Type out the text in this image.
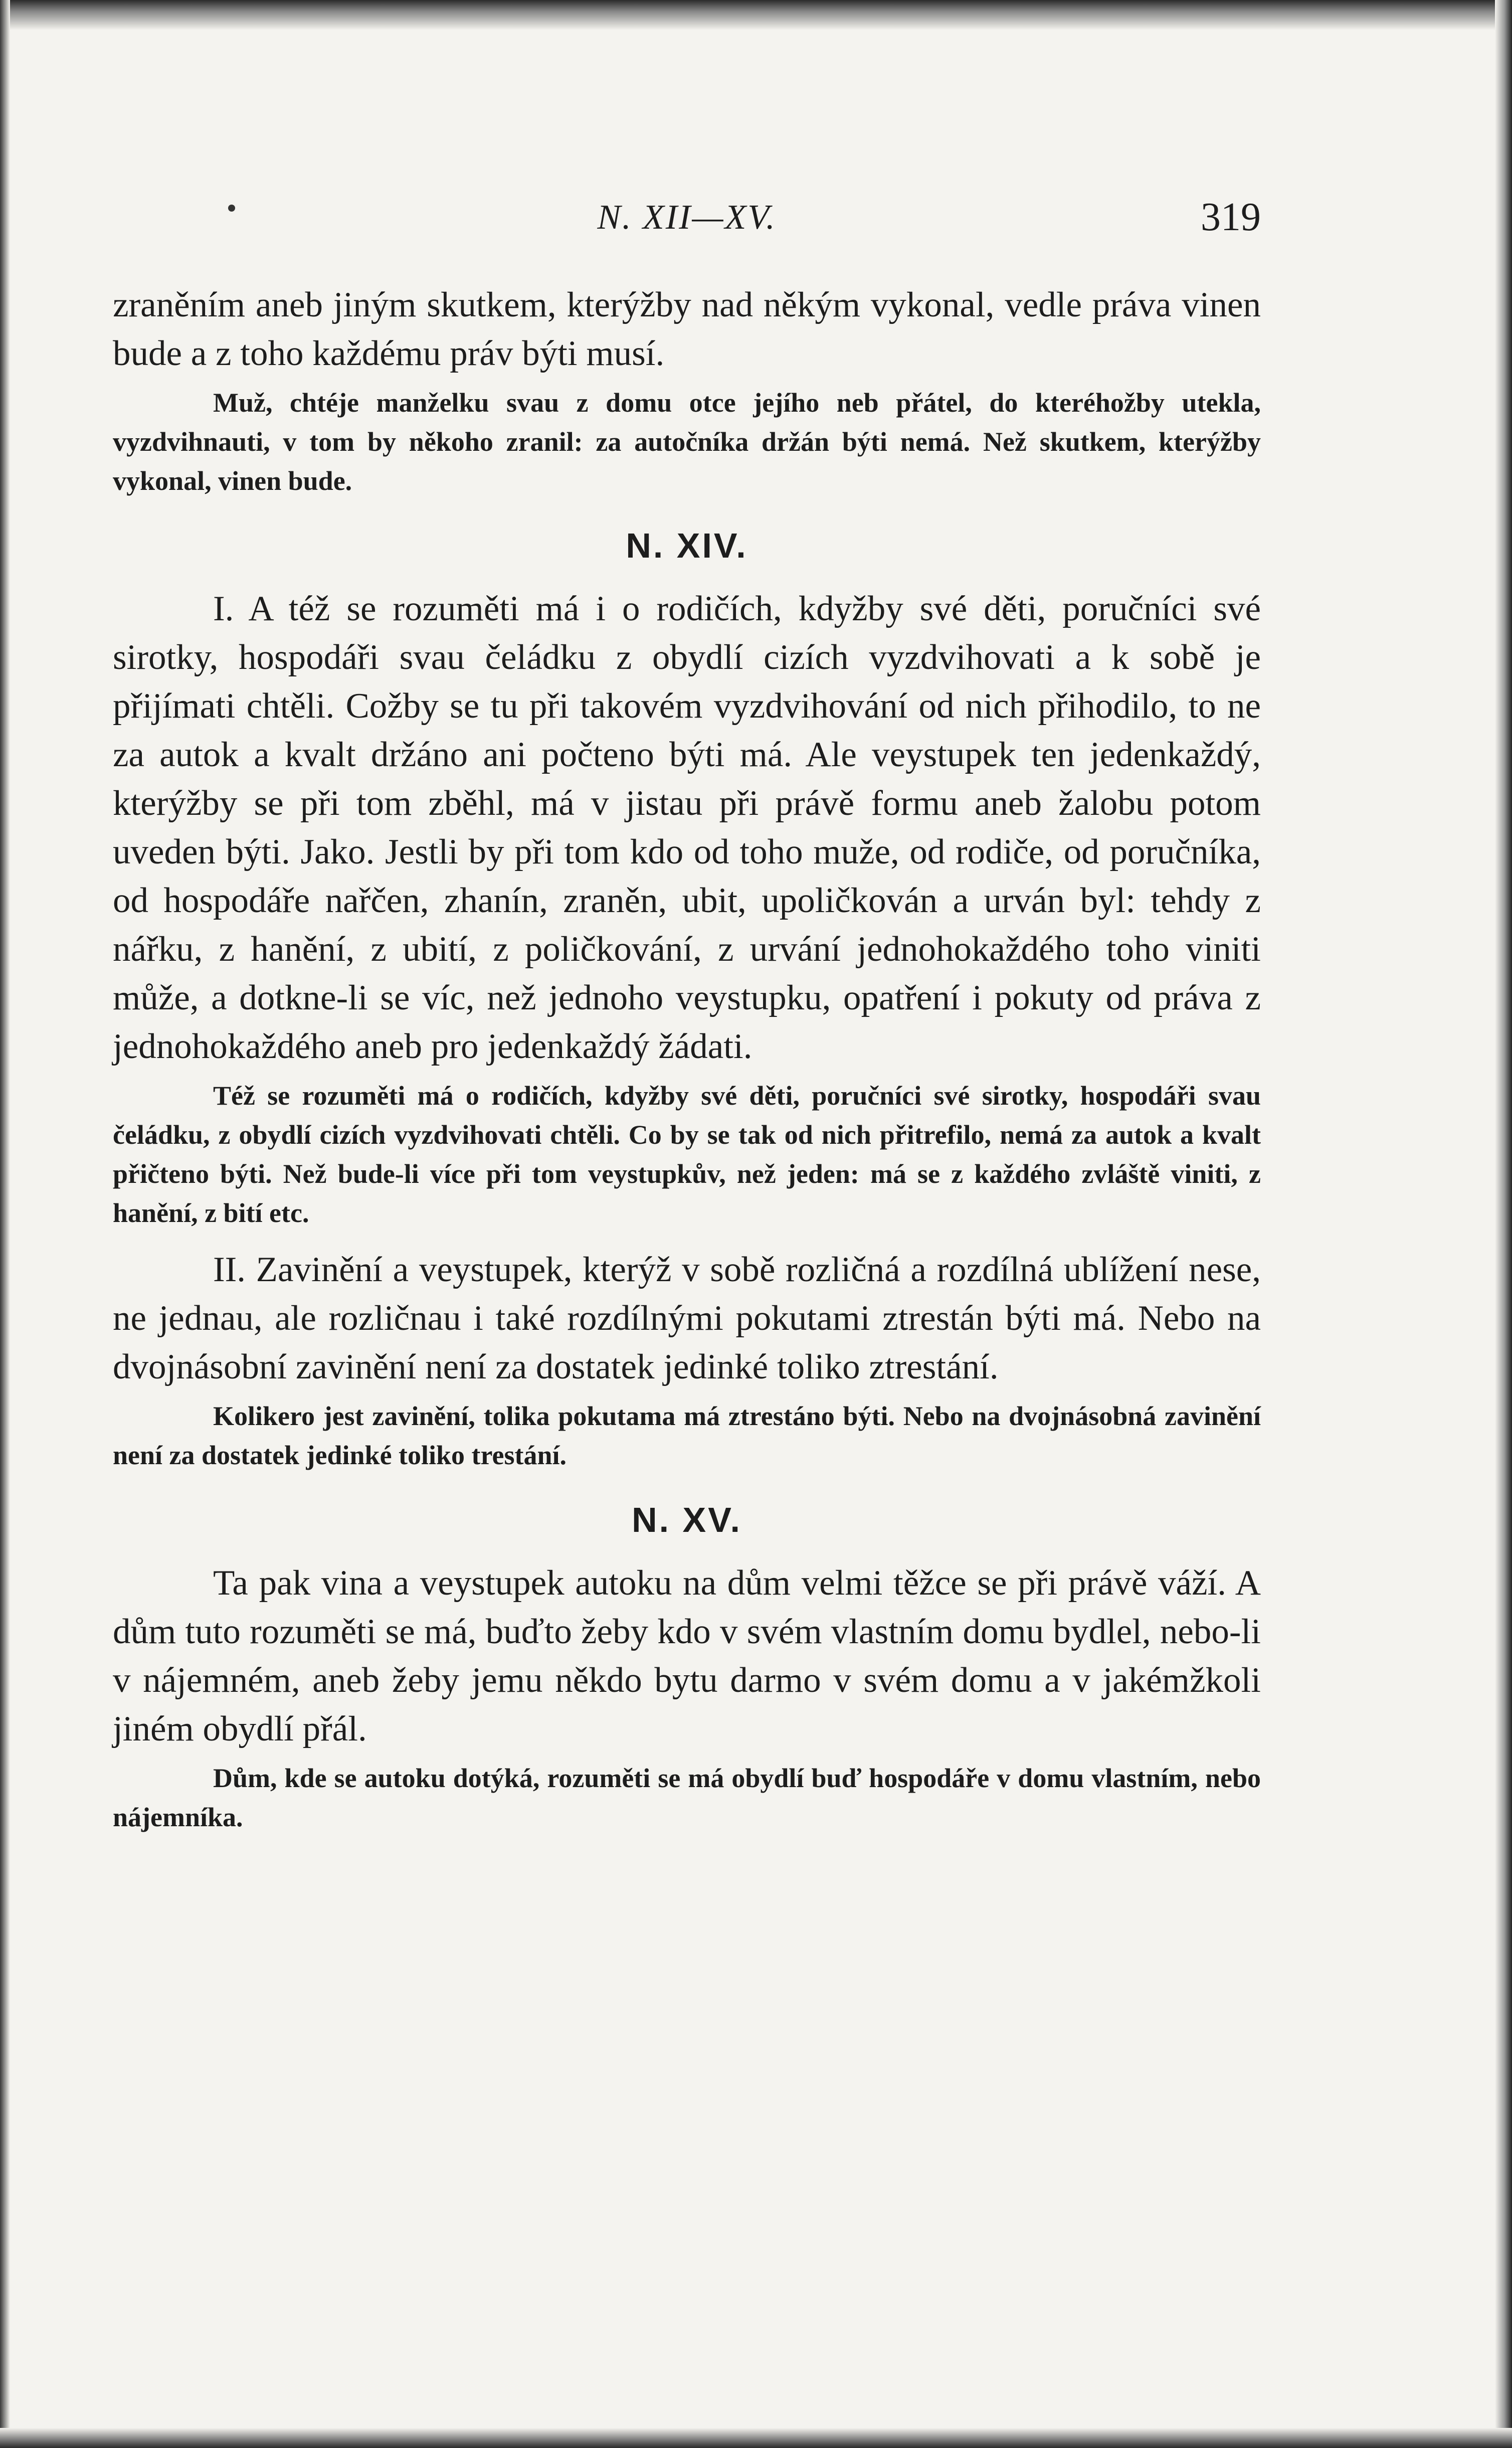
N. XII—XV.	319

zraněním aneb jiným skutkem, kterýžby nad někým vykonal, vedle práva vinen bude a z toho každému práv býti musí.

Muž, chtéje manželku svau z domu otce jejího neb přátel, do kteréhožby utekla, vyzdvihnauti, v tom by někoho zranil: za autočníka držán býti nemá. Než skutkem, kterýžby vykonal, vinen bude.

N. XIV.

I. A též se rozuměti má i o rodičích, kdyžby své děti, poručníci své sirotky, hospodáři svau čeládku z obydlí cizích vyzdvihovati a k sobě je přijímati chtěli. Cožby se tu při takovém vyzdvihování od nich přihodilo, to ne za autok a kvalt držáno ani počteno býti má. Ale veystupek ten jedenkaždý, kterýžby se při tom zběhl, má v jistau při právě formu aneb žalobu potom uveden býti. Jako. Jestli by při tom kdo od toho muže, od rodiče, od poručníka, od hospodáře nařčen, zhanín, zraněn, ubit, upoličkován a urván byl: tehdy z nářku, z hanění, z ubití, z poličkování, z urvání jednohokaždého toho viniti může, a dotkne-li se víc, než jednoho veystupku, opatření i pokuty od práva z jednohokaždého aneb pro jedenkaždý žádati.

Též se rozuměti má o rodičích, kdyžby své děti, poručníci své sirotky, hospodáři svau čeládku, z obydlí cizích vyzdvihovati chtěli. Co by se tak od nich přitrefilo, nemá za autok a kvalt přičteno býti. Než bude-li více při tom veystupkův, než jeden: má se z každého zvláště viniti, z hanění, z bití etc.

II. Zavinění a veystupek, kterýž v sobě rozličná a rozdílná ublížení nese, ne jednau, ale rozličnau i také rozdílnými pokutami ztrestán býti má. Nebo na dvojnásobní zavinění není za dostatek jedinké toliko ztrestání.

Kolikero jest zavinění, tolika pokutama má ztrestáno býti. Nebo na dvojnásobná zavinění není za dostatek jedinké toliko trestání.

N. XV.

Ta pak vina a veystupek autoku na dům velmi těžce se při právě váží. A dům tuto rozuměti se má, buďto žeby kdo v svém vlastním domu bydlel, nebo-li v nájemném, aneb žeby jemu někdo bytu darmo v svém domu a v jakémžkoli jiném obydlí přál.

Dům, kde se autoku dotýká, rozuměti se má obydlí buď hospodáře v domu vlastním, nebo nájemníka.
